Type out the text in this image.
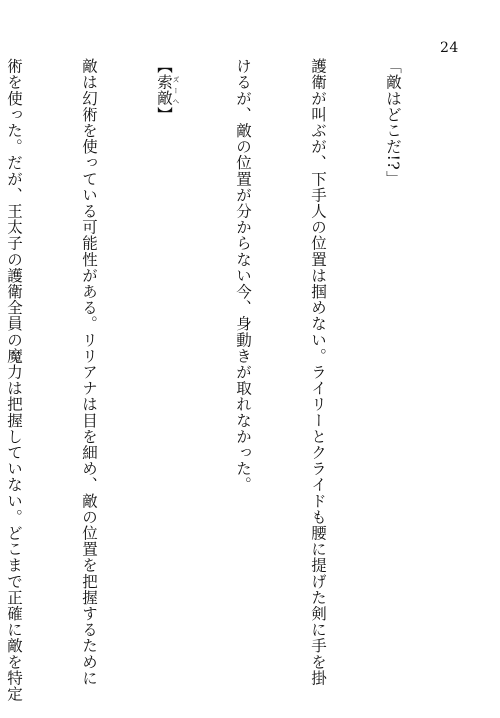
24

「敵はどこだ!?」

護衛が叫ぶが、下手人の位置は掴めない。ライリーとクライドも腰に提げた剣に手を掛

けるが、敵の位置が分からない今、身動きが取れなかった。

【索敵 ズーへ】

敵は幻術を使っている可能性がある。リリアナは目を細め、敵の位置を把握するために

術を使った。だが、王太子の護衛全員の魔力は把握していない。どこまで正確に敵を特定
